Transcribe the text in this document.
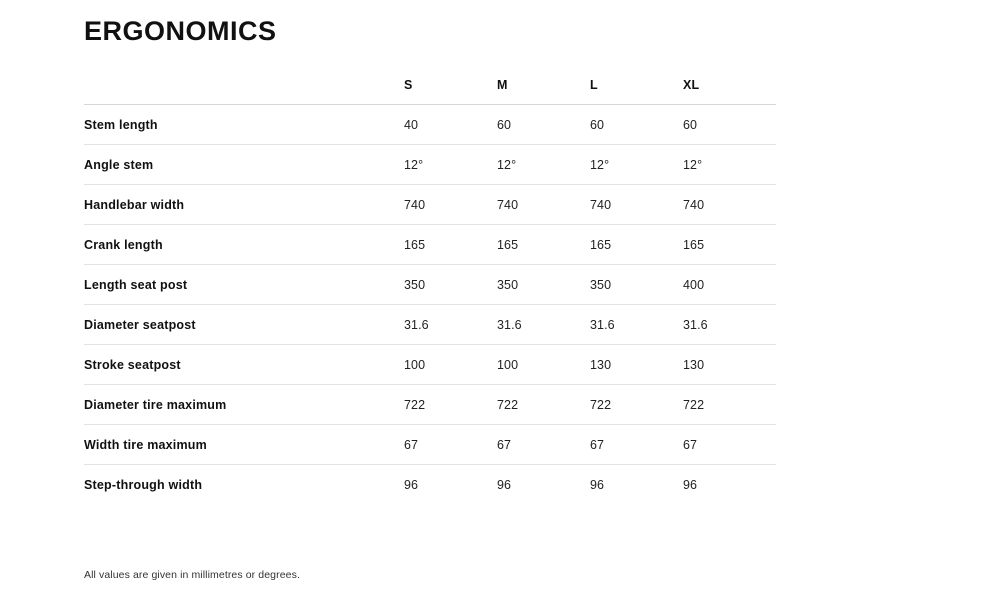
ERGONOMICS
	S	M	L	XL
Stem length	40	60	60	60
Angle stem	12°	12°	12°	12°
Handlebar width	740	740	740	740
Crank length	165	165	165	165
Length seat post	350	350	350	400
Diameter seatpost	31.6	31.6	31.6	31.6
Stroke seatpost	100	100	130	130
Diameter tire maximum	722	722	722	722
Width tire maximum	67	67	67	67
Step-through width	96	96	96	96
All values are given in millimetres or degrees.
